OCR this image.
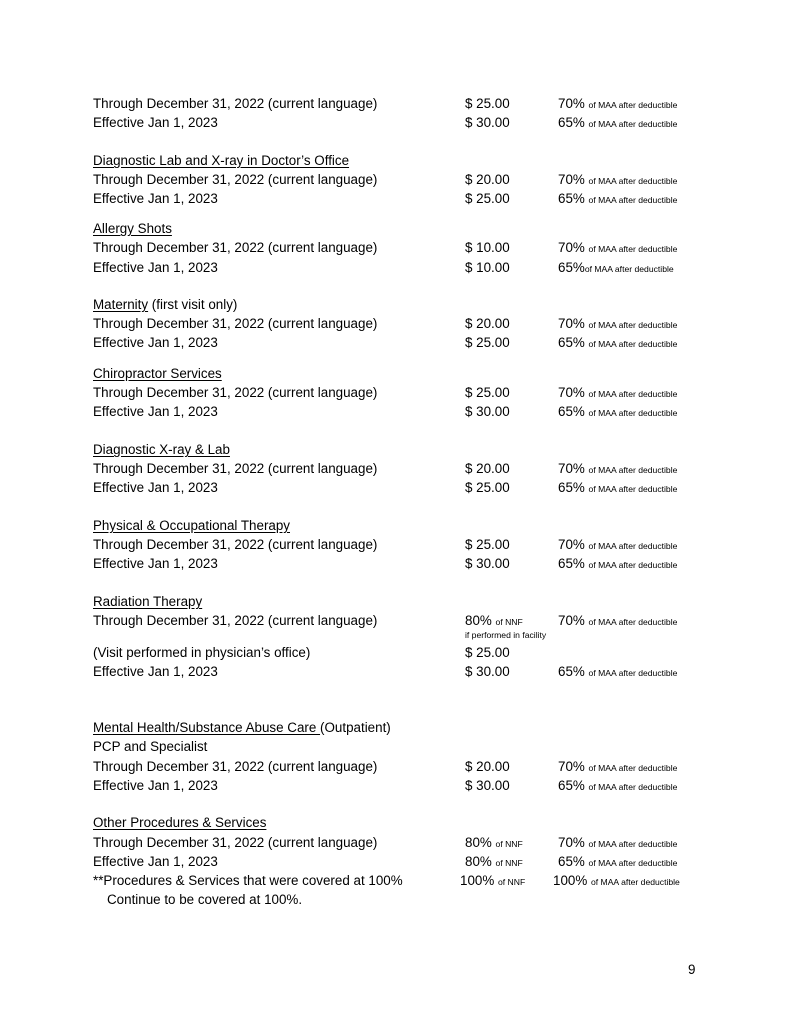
Through December 31, 2022 (current language)	$ 25.00	70% of MAA after deductible
Effective Jan 1, 2023	$ 30.00	65% of MAA after deductible
Diagnostic Lab and X-ray in Doctor’s Office
Through December 31, 2022 (current language)	$ 20.00	70% of MAA after deductible
Effective Jan 1, 2023	$ 25.00	65% of MAA after deductible
Allergy Shots
Through December 31, 2022 (current language)	$ 10.00	70% of MAA after deductible
Effective Jan 1, 2023	$ 10.00	65%of MAA after deductible
Maternity (first visit only)
Through December 31, 2022 (current language)	$ 20.00	70% of MAA after deductible
Effective Jan 1, 2023	$ 25.00	65% of MAA after deductible
Chiropractor Services
Through December 31, 2022 (current language)	$ 25.00	70% of MAA after deductible
Effective Jan 1, 2023	$ 30.00	65% of MAA after deductible
Diagnostic X-ray & Lab
Through December 31, 2022 (current language)	$ 20.00	70% of MAA after deductible
Effective Jan 1, 2023	$ 25.00	65% of MAA after deductible
Physical & Occupational Therapy
Through December 31, 2022 (current language)	$ 25.00	70% of MAA after deductible
Effective Jan 1, 2023	$ 30.00	65% of MAA after deductible
Radiation Therapy
Through December 31, 2022 (current language)	80% of NNF	70% of MAA after deductible
if performed in facility
(Visit performed in physician’s office)	$ 25.00
Effective Jan 1, 2023	$ 30.00	65% of MAA after deductible
Mental Health/Substance Abuse Care (Outpatient)
PCP and Specialist
Through December 31, 2022 (current language)	$ 20.00	70% of MAA after deductible
Effective Jan 1, 2023	$ 30.00	65% of MAA after deductible
Other Procedures & Services
Through December 31, 2022 (current language)	80% of NNF	70% of MAA after deductible
Effective Jan 1, 2023	80% of NNF	65% of MAA after deductible
**Procedures & Services that were covered at 100%	100% of NNF 100% of MAA after deductible
Continue to be covered at 100%.
9
